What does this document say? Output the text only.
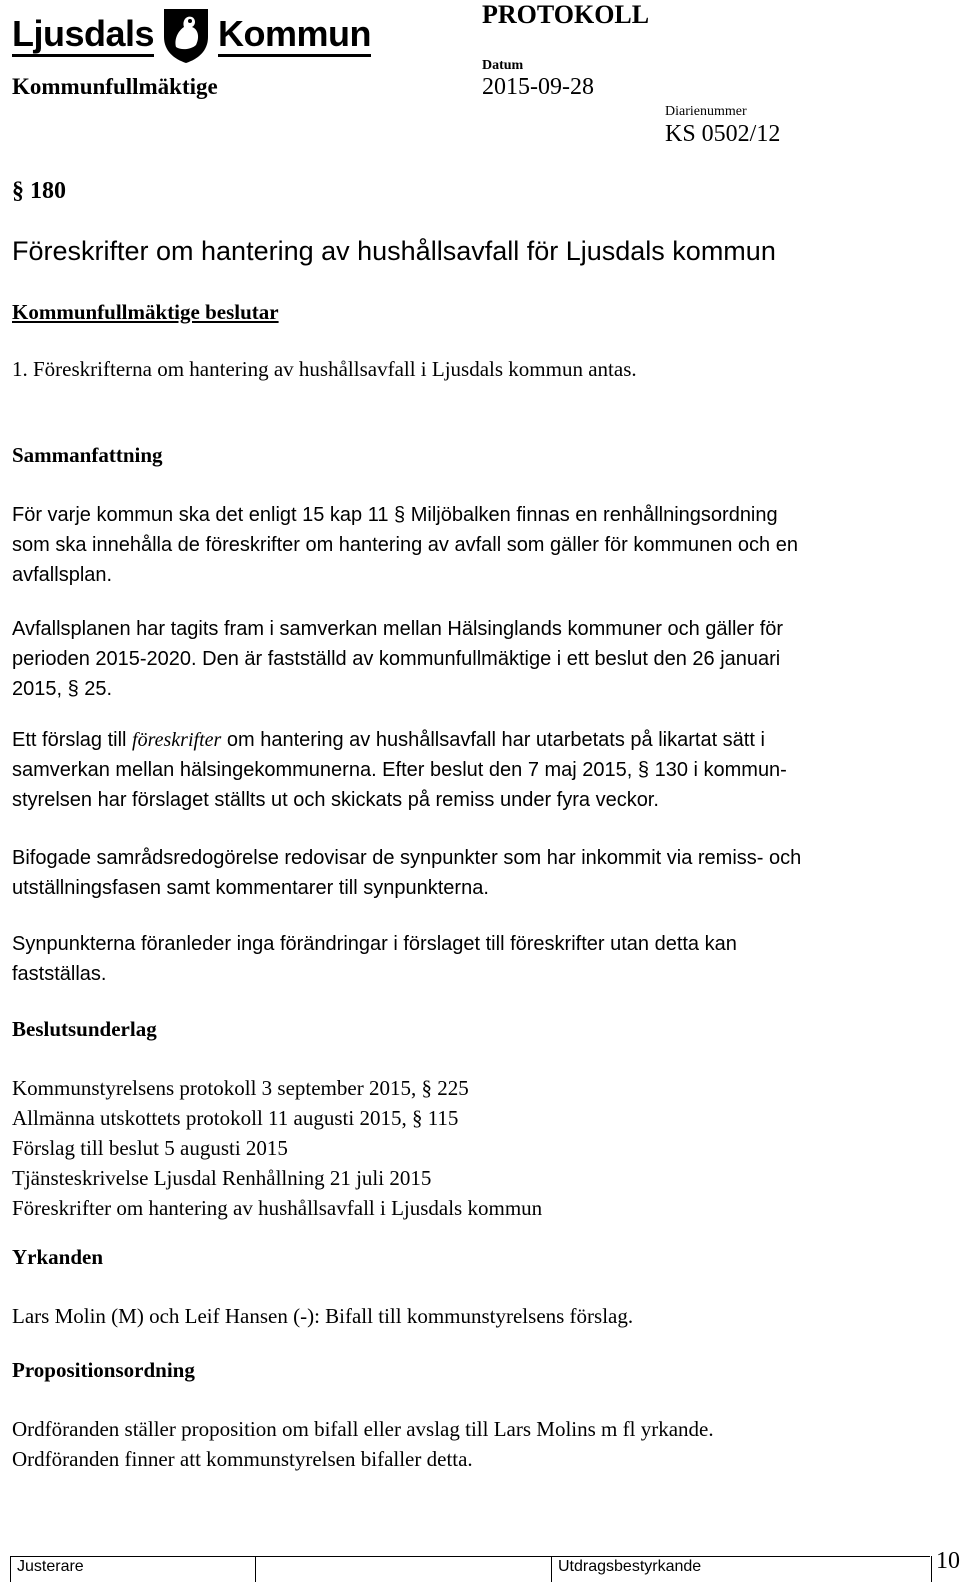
Ljusdals Kommun
Kommunfullmäktige
PROTOKOLL
Datum
2015-09-28
Diarienummer
KS 0502/12
§ 180
Föreskrifter om hantering av hushållsavfall för Ljusdals kommun
Kommunfullmäktige beslutar
1. Föreskrifterna om hantering av hushållsavfall i Ljusdals kommun antas.
Sammanfattning
För varje kommun ska det enligt 15 kap 11 § Miljöbalken finnas en renhållningsordning
som ska innehålla de föreskrifter om hantering av avfall som gäller för kommunen och en
avfallsplan.
Avfallsplanen har tagits fram i samverkan mellan Hälsinglands kommuner och gäller för
perioden 2015-2020. Den är fastställd av kommunfullmäktige i ett beslut den 26 januari
2015, § 25.
Ett förslag till föreskrifter om hantering av hushållsavfall har utarbetats på likartat sätt i
samverkan mellan hälsingekommunerna. Efter beslut den 7 maj 2015, § 130 i kommun-
styrelsen har förslaget ställts ut och skickats på remiss under fyra veckor.
Bifogade samrådsredogörelse redovisar de synpunkter som har inkommit via remiss- och
utställningsfasen samt kommentarer till synpunkterna.
Synpunkterna föranleder inga förändringar i förslaget till föreskrifter utan detta kan
fastställas.
Beslutsunderlag
Kommunstyrelsens protokoll 3 september 2015, § 225
Allmänna utskottets protokoll 11 augusti 2015, § 115
Förslag till beslut 5 augusti 2015
Tjänsteskrivelse Ljusdal Renhållning 21 juli 2015
Föreskrifter om hantering av hushållsavfall i Ljusdals kommun
Yrkanden
Lars Molin (M) och Leif Hansen (-): Bifall till kommunstyrelsens förslag.
Propositionsordning
Ordföranden ställer proposition om bifall eller avslag till Lars Molins m fl yrkande.
Ordföranden finner att kommunstyrelsen bifaller detta.
Justerare	Utdragsbestyrkande	10
